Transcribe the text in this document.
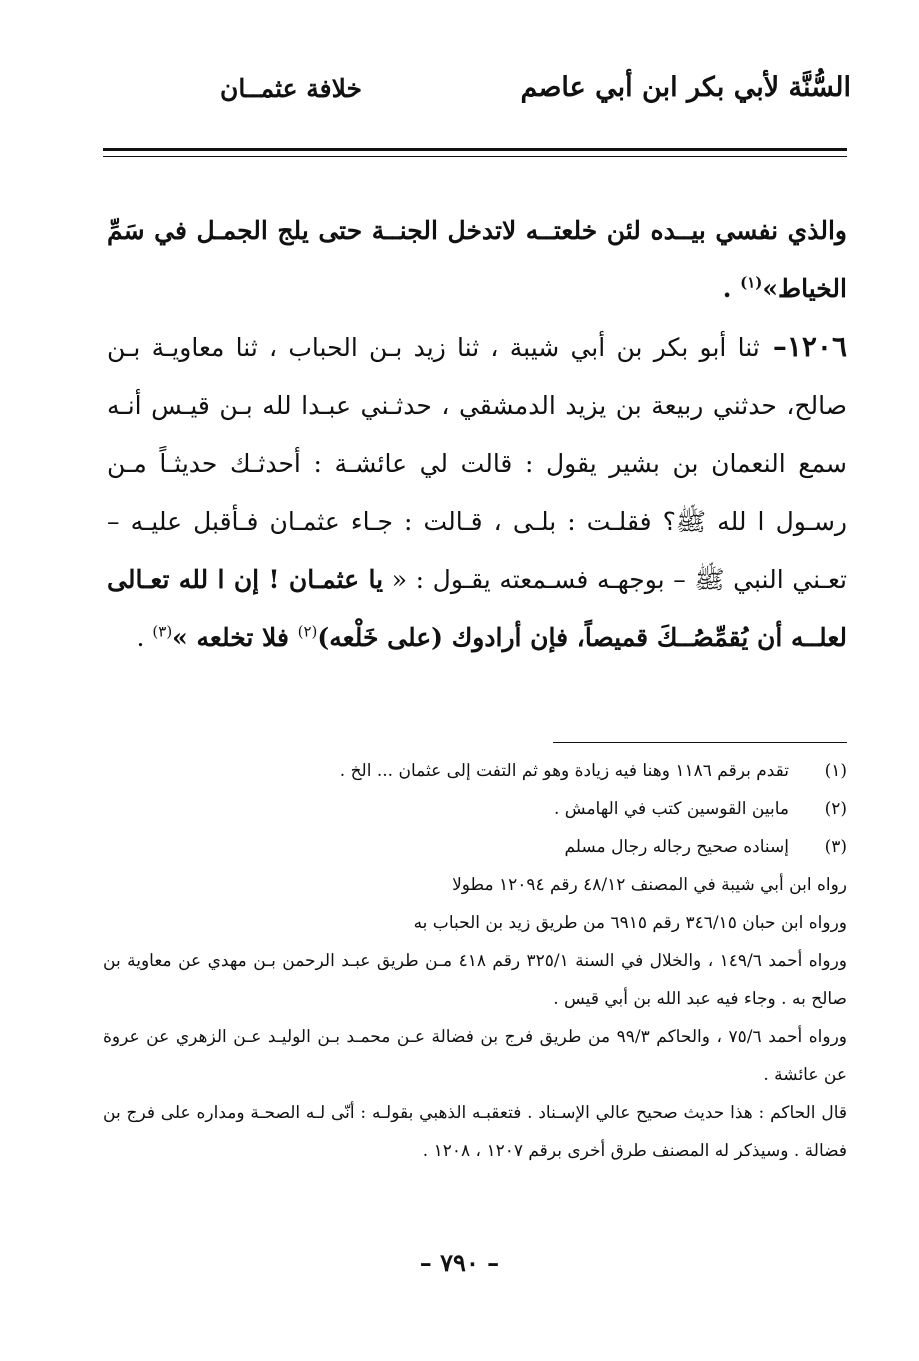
السُّنَّة لأبي بكر ابن أبي عاصم
خلافة عثمــان

والذي نفسي بيــده لئن خلعتــه لاتدخل الجنــة حتى يلج الجمـل في سَمِّ الخياط»$^{(١)}$ .

١٢٠٦– ثنا أبو بكر بن أبي شيبة ، ثنا زيد بـن الحباب ، ثنا معاويـة بـن صالح، حدثني ربيعة بن يزيد الدمشقي ، حدثـني عبـدا لله بـن قيـس أنـه سمع النعمان بن بشير يقول : قالت لي عائشـة : أحدثـك حديثـاً مـن رسـول ا لله ﷺ؟ فقلـت : بلـى ، قـالت : جـاء عثمـان فـأقبل عليـه – تعـني النبي ﷺ – بوجهـه فسـمعته يقـول : « يا عثمـان ! إن ا لله تعـالى لعلــه أن يُقمِّصُــكَ قميصاً، فإن أرادوك (على خَلْعه)$^{(٢)}$ فلا تخلعه »$^{(٣)}$ .

(١)
تقدم برقم ١١٨٦ وهنا فيه زيادة وهو ثم التفت إلى عثمان ... الخ .
(٢)
مابين القوسين كتب في الهامش .
(٣)
إسناده صحيح رجاله رجال مسلم
رواه ابن أبي شيبة في المصنف ٤٨/١٢ رقم ١٢٠٩٤ مطولا
ورواه ابن حبان ٣٤٦/١٥ رقم ٦٩١٥ من طريق زيد بن الحباب به
ورواه أحمد ١٤٩/٦ ، والخلال في السنة ٣٢٥/١ رقم ٤١٨ مـن طريق عبـد الرحمن بـن مهدي عن معاوية بن صالح به . وجاء فيه عبد الله بن أبي قيس .
ورواه أحمد ٧٥/٦ ، والحاكم ٩٩/٣ من طريق فرج بن فضالة عـن محمـد بـن الوليـد عـن الزهري عن عروة عن عائشة .
قال الحاكم : هذا حديث صحيح عالي الإسـناد . فتعقبـه الذهبي بقولـه : أنّى لـه الصحـة ومداره على فرج بن فضالة . وسيذكر له المصنف طرق أخرى برقم ١٢٠٧ ، ١٢٠٨ .
– ٧٩٠ –
